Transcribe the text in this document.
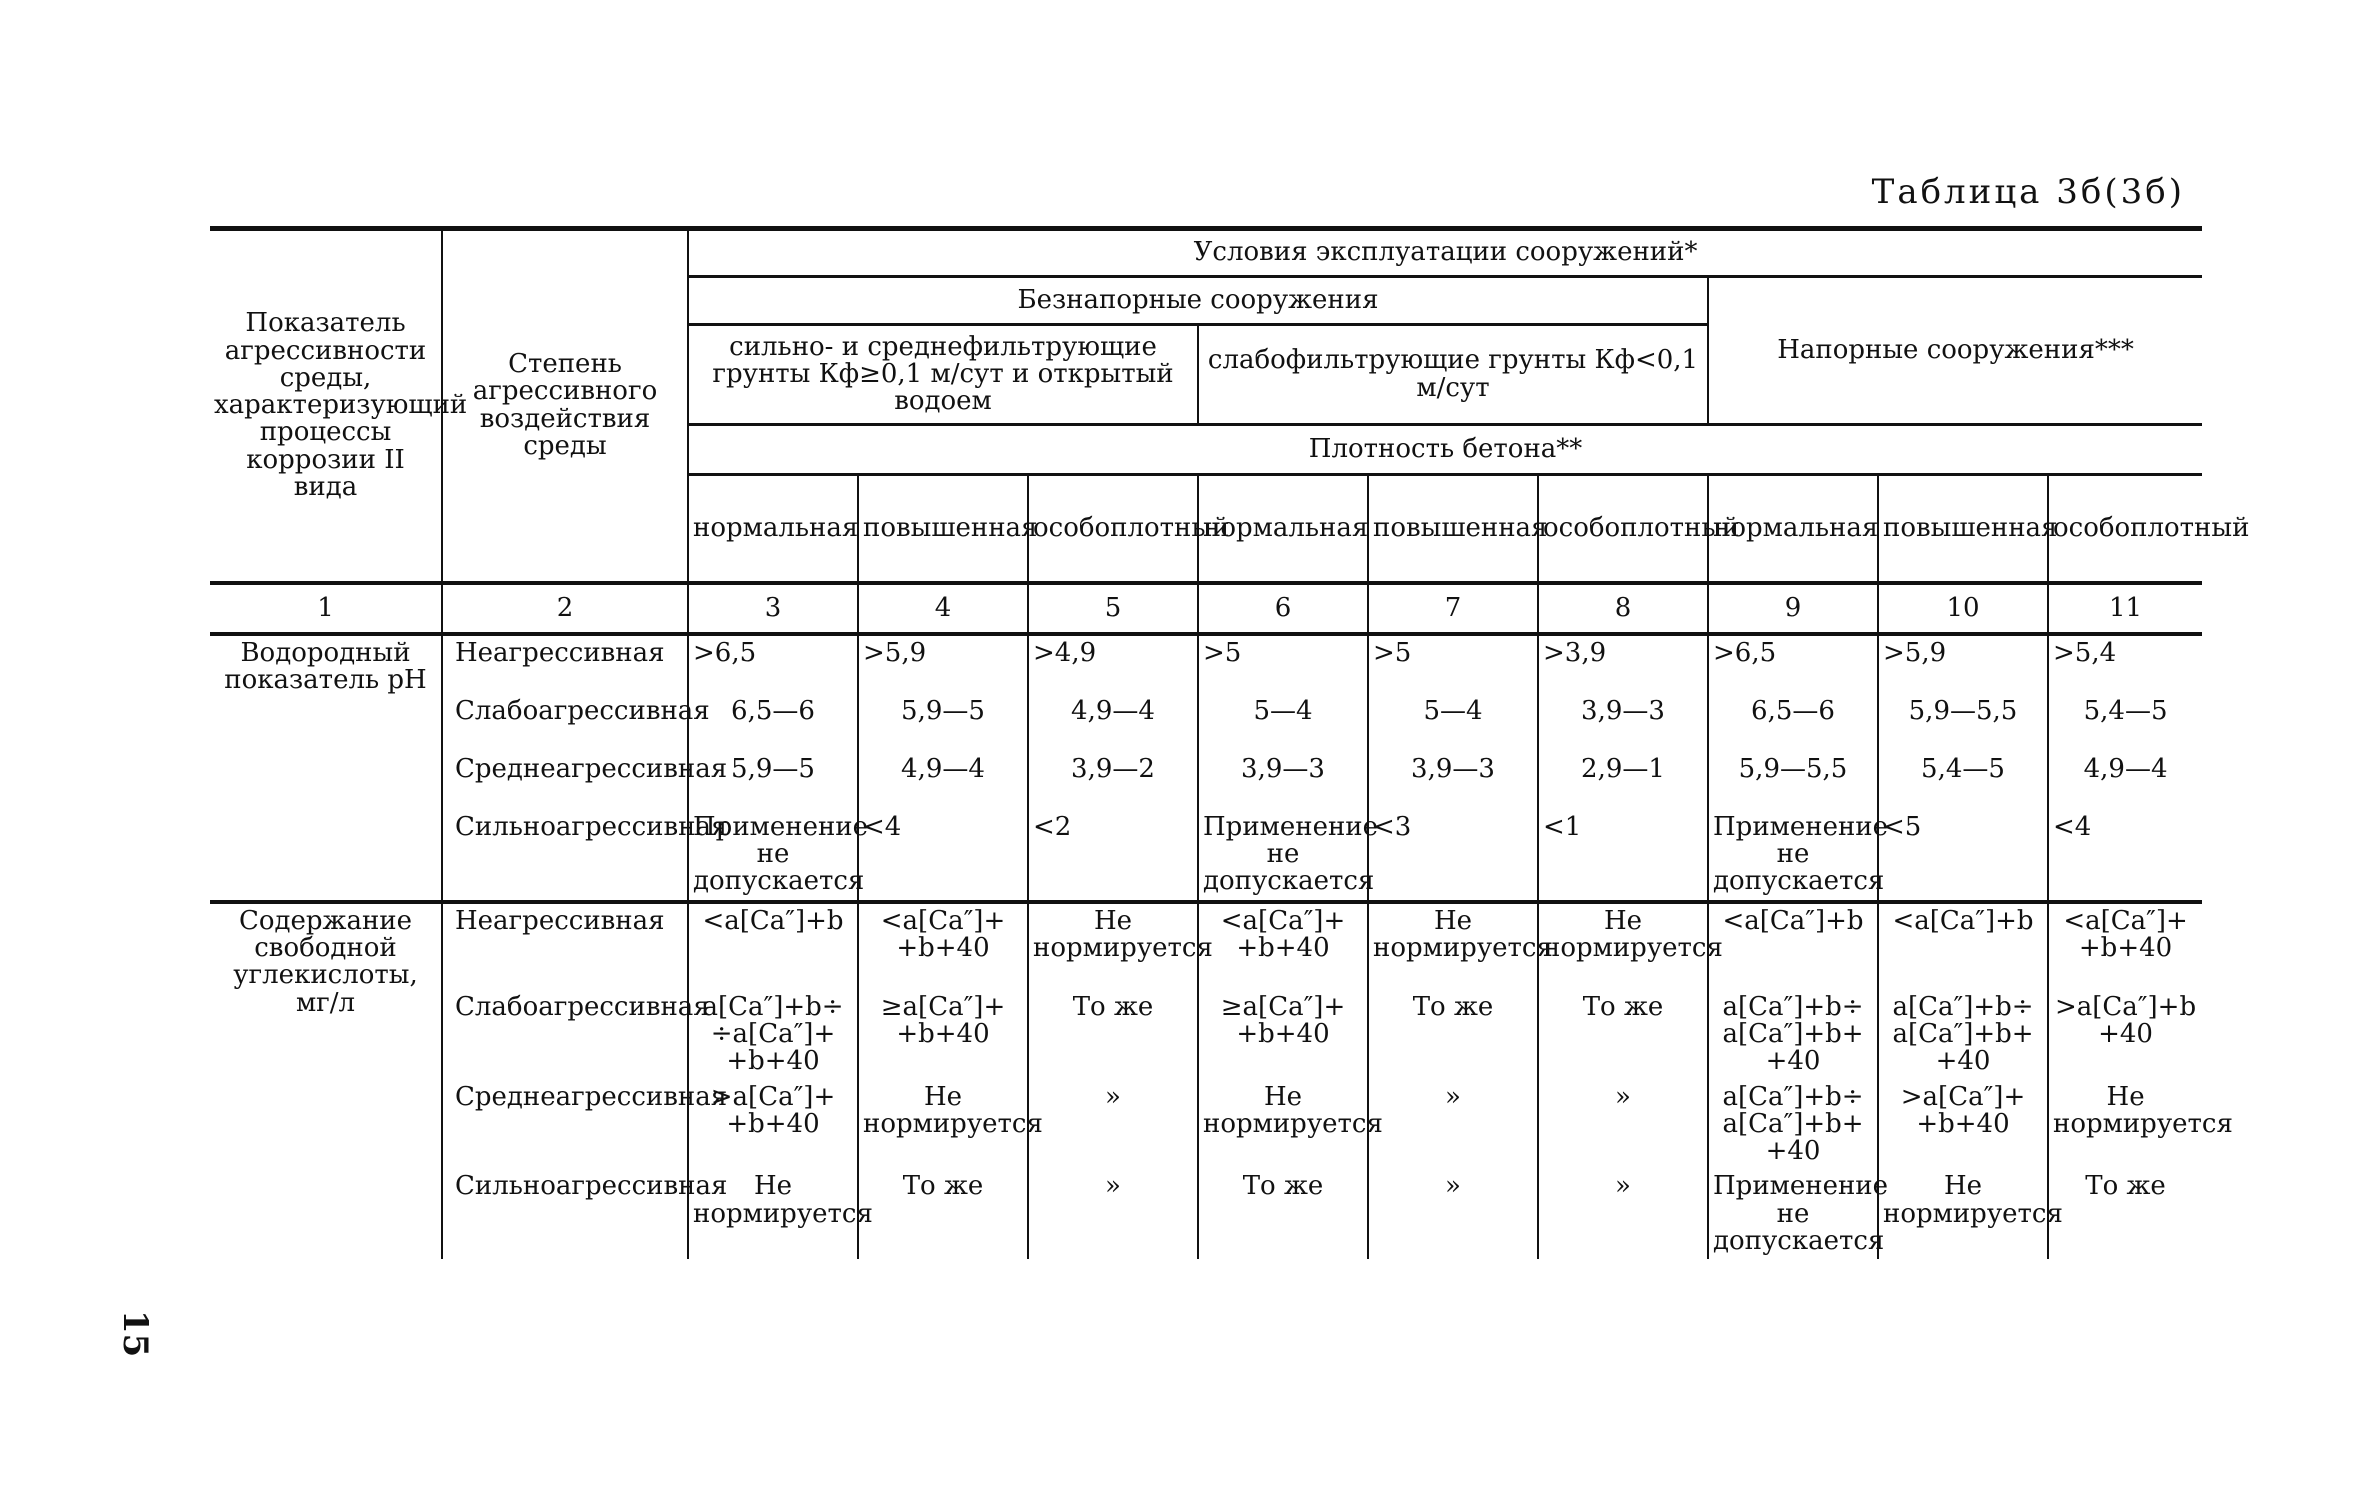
Таблица 3б(3б)
15
Показатель агрессивности среды, характеризующий процессы коррозии II вида	Степень агрессивного воздействия среды	Условия эксплуатации сооружений*								
		Безнапорные сооружения						Напорные сооружения***		
		сильно- и среднефильтрующие грунты Кф≥0,1 м/сут и открытый водоем			слабофильтрующие грунты Кф<0,1 м/сут					
		Плотность бетона**								
		нормальная	повышенная	особоплотный	нормальная	повышенная	особоплотный	нормальная	повышенная	особоплотный
1	2	3	4	5	6	7	8	9	10	11
Водородный показатель pH	Неагрессивная	>6,5	>5,9	>4,9	>5	>5	>3,9	>6,5	>5,9	>5,4
	Слабоагрессивная	6,5—6	5,9—5	4,9—4	5—4	5—4	3,9—3	6,5—6	5,9—5,5	5,4—5
	Среднеагрессивная	5,9—5	4,9—4	3,9—2	3,9—3	3,9—3	2,9—1	5,9—5,5	5,4—5	4,9—4
	Сильноагрессивная	Применение не допускается	<4	<2	Применение не допускается	<3	<1	Применение не допускается	<5	<4
Содержание свободной углекислоты, мг/л	Неагрессивная	<a[Ca″]+b	<a[Ca″]+ +b+40	Не нормируется	<a[Ca″]+ +b+40	Не нормируется	Не нормируется	<a[Ca″]+b	<a[Ca″]+b	<a[Ca″]+ +b+40
	Слабоагрессивная	a[Ca″]+b÷ ÷a[Ca″]+ +b+40	≥a[Ca″]+ +b+40	То же	≥a[Ca″]+ +b+40	То же	То же	a[Ca″]+b÷ a[Ca″]+b+ +40	a[Ca″]+b÷ a[Ca″]+b+ +40	>a[Ca″]+b +40
	Среднеагрессивная	>a[Ca″]+ +b+40	Не нормируется	»	Не нормируется	»	»	a[Ca″]+b÷ a[Ca″]+b+ +40	>a[Ca″]+ +b+40	Не нормируется
	Сильноагрессивная	Не нормируется	То же	»	То же	»	»	Применение не допускается	Не нормируется	То же
